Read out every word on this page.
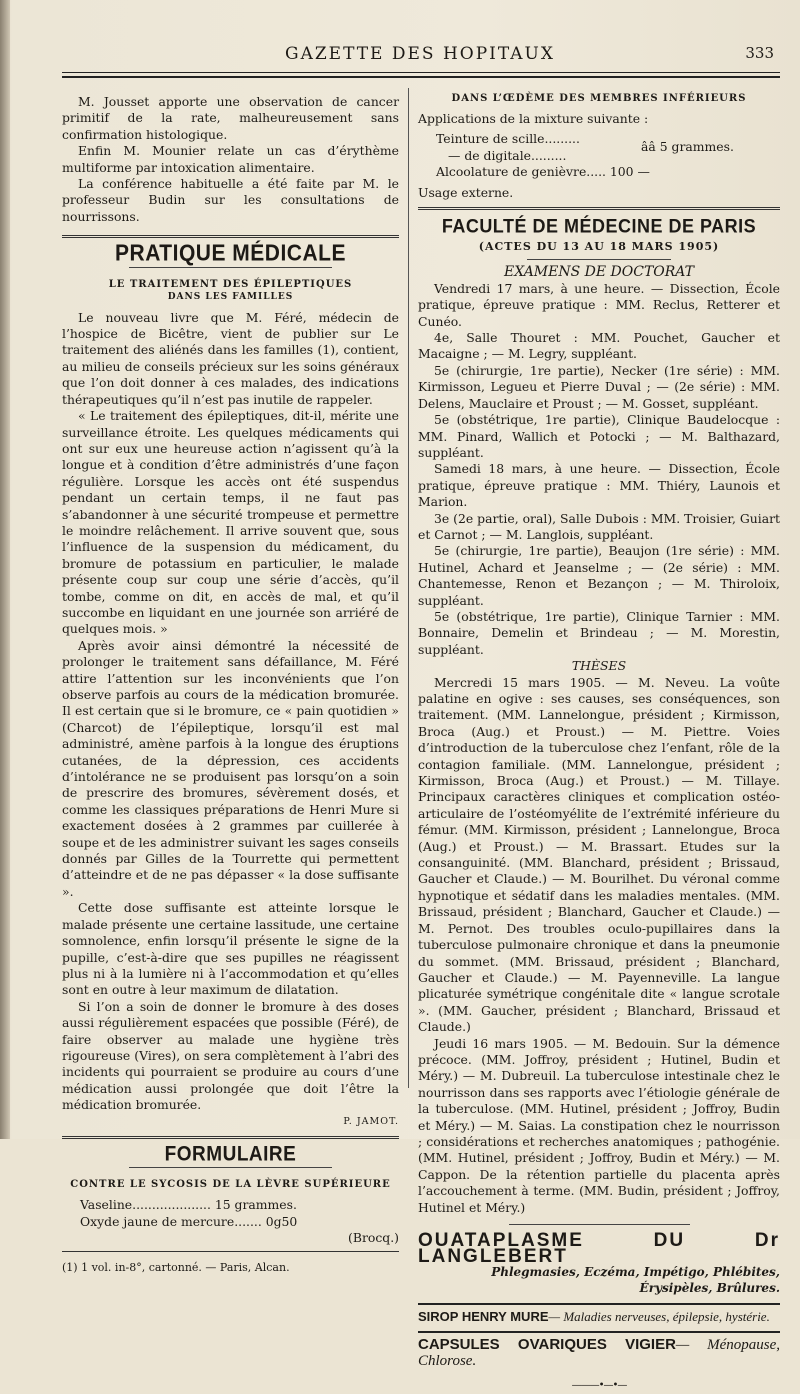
GAZETTE DES HOPITAUX	333

M. Jousset apporte une observation de cancer primitif de la rate, malheureusement sans confirmation histologique.

Enfin M. Mounier relate un cas d’érythème multiforme par intoxication alimentaire.

La conférence habituelle a été faite par M. le professeur Budin sur les consultations de nourrissons.

PRATIQUE MÉDICALE
LE TRAITEMENT DES ÉPILEPTIQUES
DANS LES FAMILLES

Le nouveau livre que M. Féré, médecin de l’hospice de Bicêtre, vient de publier sur Le traitement des aliénés dans les familles (1), contient, au milieu de conseils précieux sur les soins généraux que l’on doit donner à ces malades, des indications thérapeutiques qu’il n’est pas inutile de rappeler.

« Le traitement des épileptiques, dit-il, mérite une surveillance étroite. Les quelques médicaments qui ont sur eux une heureuse action n’agissent qu’à la longue et à condition d’être administrés d’une façon régulière. Lorsque les accès ont été suspendus pendant un certain temps, il ne faut pas s’abandonner à une sécurité trompeuse et permettre le moindre relâchement. Il arrive souvent que, sous l’influence de la suspension du médicament, du bromure de potassium en particulier, le malade présente coup sur coup une série d’accès, qu’il tombe, comme on dit, en accès de mal, et qu’il succombe en liquidant en une journée son arriéré de quelques mois. »

Après avoir ainsi démontré la nécessité de prolonger le traitement sans défaillance, M. Féré attire l’attention sur les inconvénients que l’on observe parfois au cours de la médication bromurée. Il est certain que si le bromure, ce « pain quotidien » (Charcot) de l’épileptique, lorsqu’il est mal administré, amène parfois à la longue des éruptions cutanées, de la dépression, ces accidents d’intolérance ne se produisent pas lorsqu’on a soin de prescrire des bromures, sévèrement dosés, et comme les classiques préparations de Henri Mure si exactement dosées à 2 grammes par cuillerée à soupe et de les administrer suivant les sages conseils donnés par Gilles de la Tourrette qui permettent d’atteindre et de ne pas dépasser « la dose suffisante ».

Cette dose suffisante est atteinte lorsque le malade présente une certaine lassitude, une certaine somnolence, enfin lorsqu’il présente le signe de la pupille, c’est-à-dire que ses pupilles ne réagissent plus ni à la lumière ni à l’accommodation et qu’elles sont en outre à leur maximum de dilatation.

Si l’on a soin de donner le bromure à des doses aussi régulièrement espacées que possible (Féré), de faire observer au malade une hygiène très rigoureuse (Vires), on sera complètement à l’abri des incidents qui pourraient se produire au cours d’une médication aussi prolongée que doit l’être la médication bromurée.

P. JAMOT.
FORMULAIRE
CONTRE LE SYCOSIS DE LA LÈVRE SUPÉRIEURE
Vaseline.................... 15 grammes.
Oxyde jaune de mercure....... 0g50
(Brocq.)
(1) 1 vol. in-8°, cartonné. — Paris, Alcan.
DANS L’ŒDÈME DES MEMBRES INFÉRIEURS
Applications de la mixture suivante :
Teinture de scille.........
— de digitale.........
ââ 5 grammes.
Alcoolature de genièvre..... 100 —
Usage externe.
FACULTÉ DE MÉDECINE DE PARIS
(ACTES DU 13 AU 18 MARS 1905)
EXAMENS DE DOCTORAT

Vendredi 17 mars, à une heure. — Dissection, École pratique, épreuve pratique : MM. Reclus, Retterer et Cunéo.

4e, Salle Thouret : MM. Pouchet, Gaucher et Macaigne ; — M. Legry, suppléant.

5e (chirurgie, 1re partie), Necker (1re série) : MM. Kirmisson, Legueu et Pierre Duval ; — (2e série) : MM. Delens, Mauclaire et Proust ; — M. Gosset, suppléant.

5e (obstétrique, 1re partie), Clinique Baudelocque : MM. Pinard, Wallich et Potocki ; — M. Balthazard, suppléant.

Samedi 18 mars, à une heure. — Dissection, École pratique, épreuve pratique : MM. Thiéry, Launois et Marion.

3e (2e partie, oral), Salle Dubois : MM. Troisier, Guiart et Carnot ; — M. Langlois, suppléant.

5e (chirurgie, 1re partie), Beaujon (1re série) : MM. Hutinel, Achard et Jeanselme ; — (2e série) : MM. Chantemesse, Renon et Bezançon ; — M. Thiroloix, suppléant.

5e (obstétrique, 1re partie), Clinique Tarnier : MM. Bonnaire, Demelin et Brindeau ; — M. Morestin, suppléant.

THÈSES

Mercredi 15 mars 1905. — M. Neveu. La voûte palatine en ogive : ses causes, ses conséquences, son traitement. (MM. Lannelongue, président ; Kirmisson, Broca (Aug.) et Proust.) — M. Piettre. Voies d’introduction de la tuberculose chez l’enfant, rôle de la contagion familiale. (MM. Lannelongue, président ; Kirmisson, Broca (Aug.) et Proust.) — M. Tillaye. Principaux caractères cliniques et complication ostéo-articulaire de l’ostéomyélite de l’extrémité inférieure du fémur. (MM. Kirmisson, président ; Lannelongue, Broca (Aug.) et Proust.) — M. Brassart. Etudes sur la consanguinité. (MM. Blanchard, président ; Brissaud, Gaucher et Claude.) — M. Bourilhet. Du véronal comme hypnotique et sédatif dans les maladies mentales. (MM. Brissaud, président ; Blanchard, Gaucher et Claude.) — M. Pernot. Des troubles oculo-pupillaires dans la tuberculose pulmonaire chronique et dans la pneumonie du sommet. (MM. Brissaud, président ; Blanchard, Gaucher et Claude.) — M. Payenneville. La langue plicaturée symétrique congénitale dite « langue scrotale ». (MM. Gaucher, président ; Blanchard, Brissaud et Claude.)

Jeudi 16 mars 1905. — M. Bedouin. Sur la démence précoce. (MM. Joffroy, président ; Hutinel, Budin et Méry.) — M. Dubreuil. La tuberculose intestinale chez le nourrisson dans ses rapports avec l’étiologie générale de la tuberculose. (MM. Hutinel, président ; Joffroy, Budin et Méry.) — M. Saias. La constipation chez le nourrisson ; considérations et recherches anatomiques ; pathogénie. (MM. Hutinel, président ; Joffroy, Budin et Méry.) — M. Cappon. De la rétention partielle du placenta après l’accouchement à terme. (MM. Budin, président ; Joffroy, Hutinel et Méry.)

OUATAPLASME DU Dr LANGLEBERT
Phlegmasies, Eczéma, Impétigo, Phlébites, Érysipèles, Brûlures.
SIROP HENRY MURE— Maladies nerveuses, épilepsie, hystérie.
CAPSULES OVARIQUES VIGIER— Ménopause, Chlorose.
———•—•—
